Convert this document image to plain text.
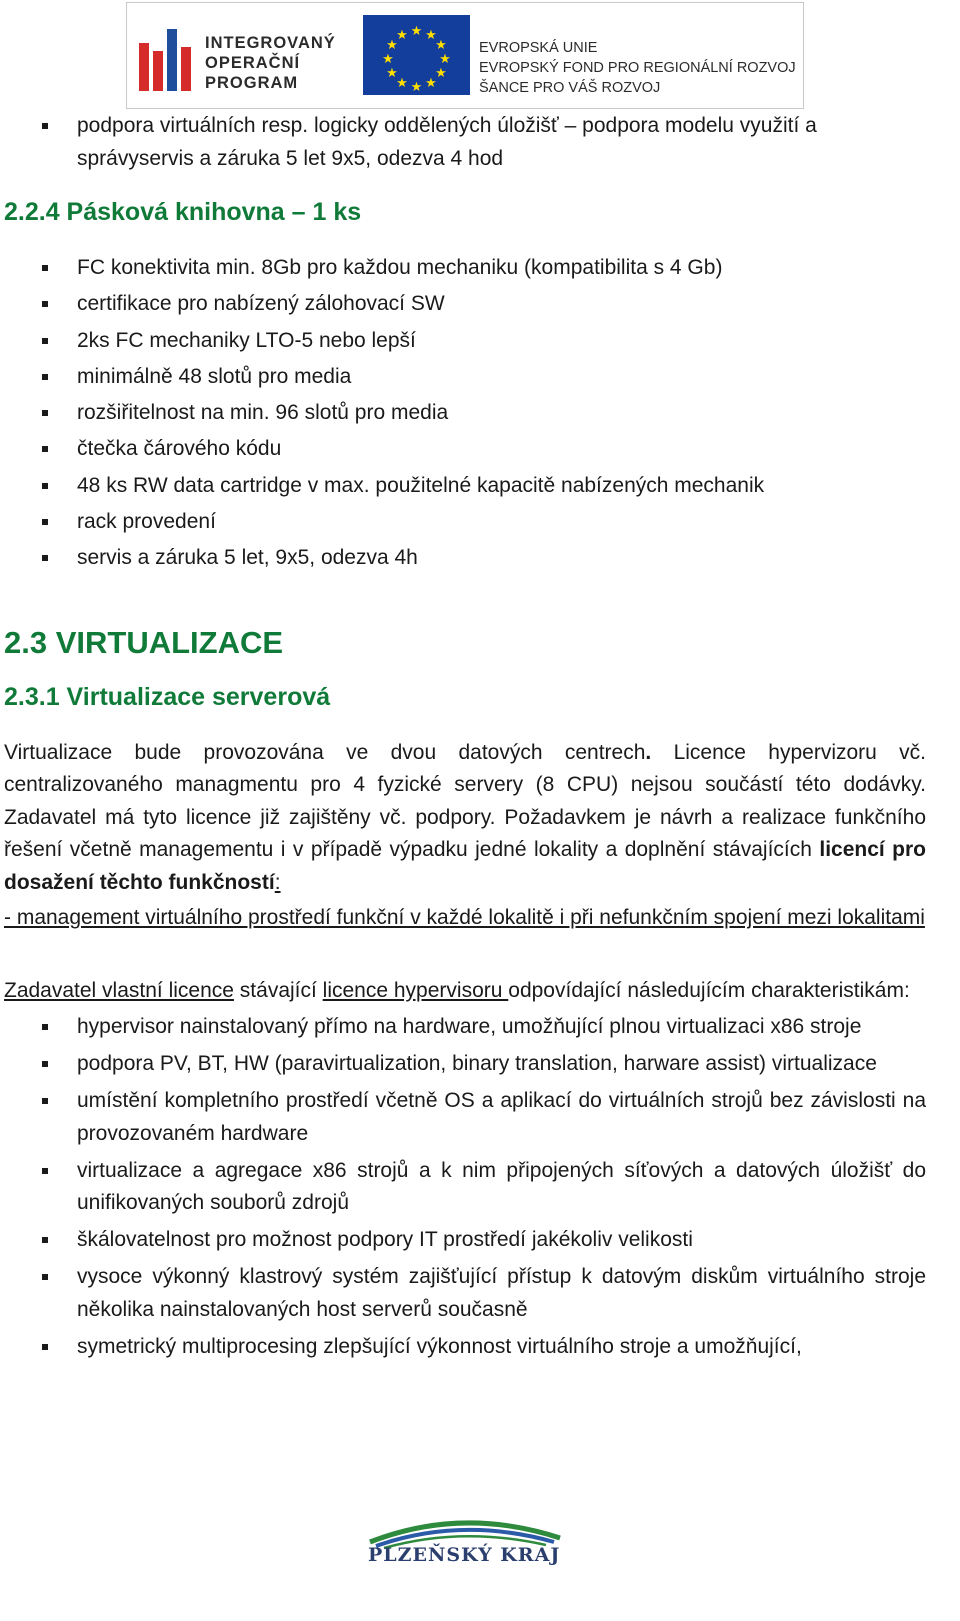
INTEGROVANÝ
OPERAČNÍ
PROGRAM
★ ★
★
★
★
★
★
★
★
★
★
★
EVROPSKÁ UNIE
EVROPSKÝ FOND PRO REGIONÁLNÍ ROZVOJ
ŠANCE PRO VÁŠ ROZVOJ
podpora virtuálních resp. logicky oddělených úložišť – podpora modelu využití a správyservis a záruka 5 let 9x5, odezva 4 hod
2.2.4 Pásková knihovna – 1 ks
FC konektivita min. 8Gb pro každou mechaniku (kompatibilita s 4 Gb)
certifikace pro nabízený zálohovací SW
2ks FC mechaniky LTO-5 nebo lepší
minimálně 48 slotů pro media
rozšiřitelnost na min. 96 slotů pro media
čtečka čárového kódu
48 ks RW data cartridge v max. použitelné kapacitě nabízených mechanik
rack provedení
servis a záruka 5 let, 9x5, odezva 4h
2.3 VIRTUALIZACE
2.3.1 Virtualizace serverová

Virtualizace bude provozována ve dvou datových centrech. Licence hypervizoru vč. centralizovaného managmentu pro 4 fyzické servery (8 CPU) nejsou součástí této dodávky. Zadavatel má tyto licence již zajištěny vč. podpory. Požadavkem je návrh a realizace funkčního řešení včetně managementu i v případě výpadku jedné lokality a doplnění stávajících licencí pro dosažení těchto funkčností:

- management virtuálního prostředí funkční v každé lokalitě i při nefunkčním spojení mezi lokalitami

Zadavatel vlastní licence stávající licence hypervisoru odpovídající následujícím charakteristikám:

hypervisor nainstalovaný přímo na hardware, umožňující plnou virtualizaci x86 stroje
podpora PV, BT, HW (paravirtualization, binary translation, harware assist) virtualizace
umístění kompletního prostředí včetně OS a aplikací do virtuálních strojů bez závislosti na provozovaném hardware
virtualizace a agregace x86 strojů a k nim připojených síťových a datových úložišť do unifikovaných souborů zdrojů
škálovatelnost pro možnost podpory IT prostředí jakékoliv velikosti
vysoce výkonný klastrový systém zajišťující přístup k datovým diskům virtuálního stroje několika nainstalovaných host serverů současně
symetrický multiprocesing zlepšující výkonnost virtuálního stroje a umožňující,
PLZEŇSKÝ KRAJ
